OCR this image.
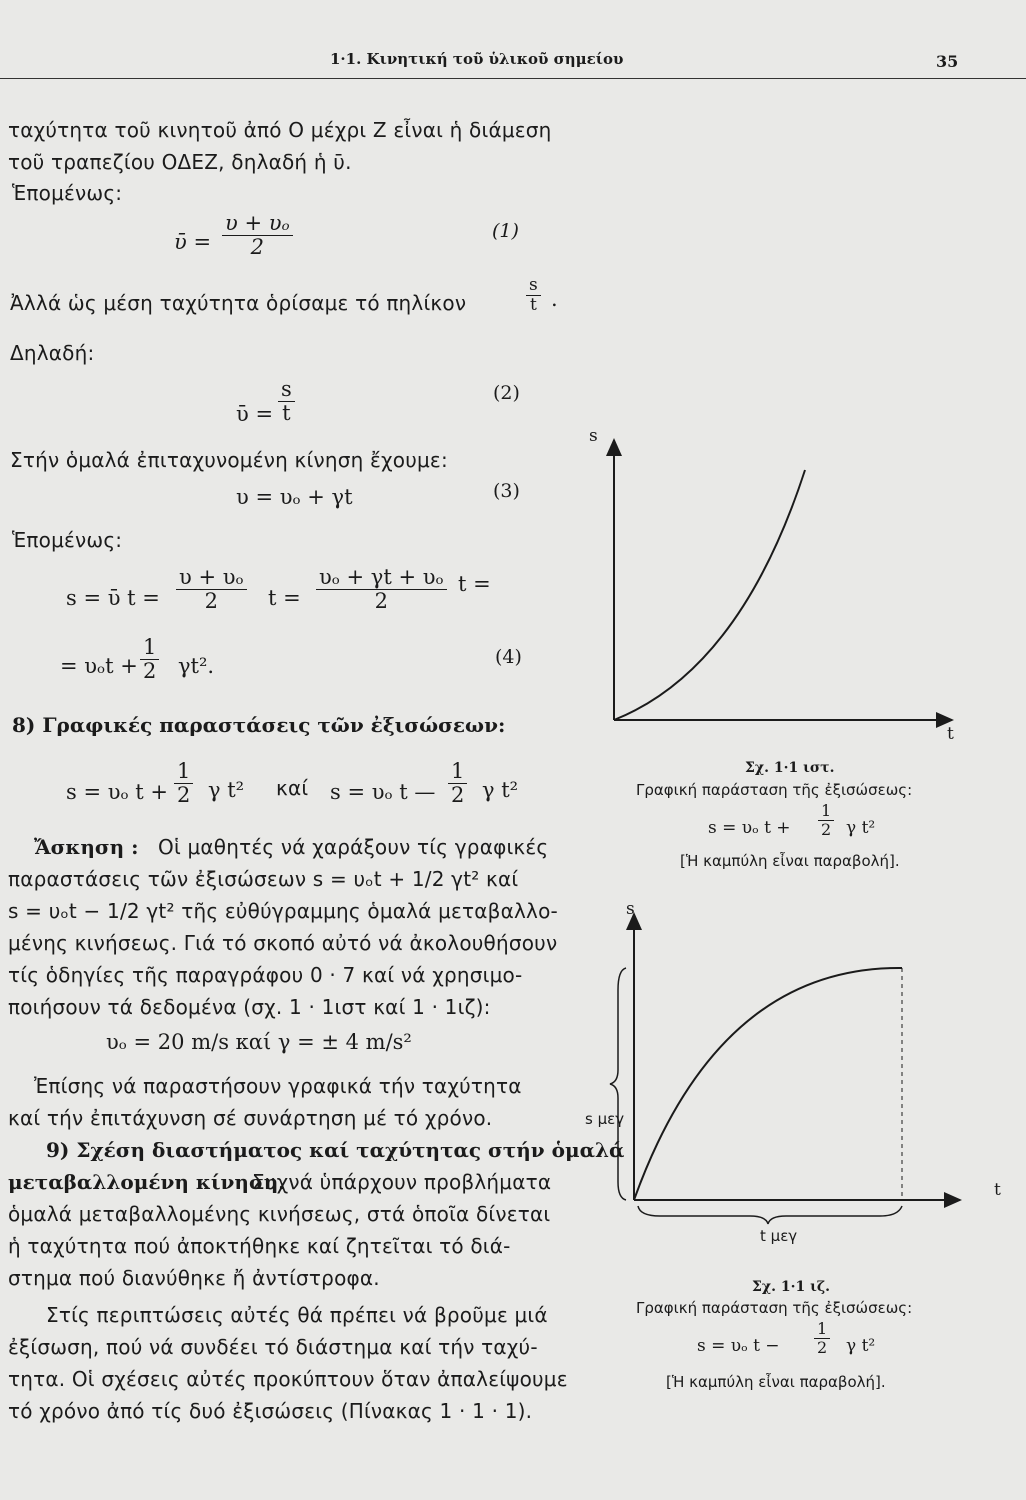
1·1. Κινητική τοῦ ὑλικοῦ σημείου	35
ταχύτητα τοῦ κινητοῦ ἀπό O μέχρι Z εἶναι ἡ διάμεση
τοῦ τραπεζίου ΟΔΕΖ, δηλαδή ἡ ῡ.
Ἑπομένως:
ῡ = $\frac{\text{υ + υₒ}}{2}$	(1)
Ἀλλά ὡς μέση ταχύτητα ὁρίσαμε τό πηλίκον	$\frac{s}{t}$ .
Δηλαδή:
ῡ = $\frac{s}{t}$	(2)
Στήν ὁμαλά ἐπιταχυνομένη κίνηση ἔχουμε:
υ = υₒ + γt	(3)
Ἑπομένως:
s = ῡ $t = \frac{\text{υ + υₒ}}{2}$ $t = \frac{\text{υₒ + γt + υₒ}}{2}$ t =
= $\upsilon_ot + \frac{1}{2} \gamma t^2$.	(4)
8) Γραφικές παραστάσεις τῶν ἐξισώσεων:
s = υₒ $t + \frac{1}{2}$ γ t² καί s = υₒ t — $\frac{1}{2}$ γ t²
Ἄσκηση : Οἱ μαθητές νά χαράξουν τίς γραφικές
παραστάσεις τῶν ἐξισώσεων s = υₒt + 1/2 γt² καί
s = υₒt − 1/2 γt² τῆς εὐθύγραμμης ὁμαλά μεταβαλλο-
μένης κινήσεως. Γιά τό σκοπό αὐτό νά ἀκολουθήσουν
τίς ὁδηγίες τῆς παραγράφου 0 · 7 καί νά χρησιμο-
ποιήσουν τά δεδομένα (σχ. 1 · 1ιστ καί 1 · 1ιζ):
υₒ = 20 m/s καί γ = ± 4 m/s²
Ἐπίσης νά παραστήσουν γραφικά τήν ταχύτητα
καί τήν ἐπιτάχυνση σέ συνάρτηση μέ τό χρόνο.
9) Σχέση διαστήματος καί ταχύτητας στήν ὁμαλά
μεταβαλλομένη κίνηση.
Συχνά ὑπάρχουν προβλήματα
ὁμαλά μεταβαλλομένης κινήσεως, στά ὁποῖα δίνεται
ἡ ταχύτητα πού ἀποκτήθηκε καί ζητεῖται τό διά-
στημα πού διανύθηκε ἤ ἀντίστροφα.
Στίς περιπτώσεις αὐτές θά πρέπει νά βροῦμε μιά
ἐξίσωση, πού νά συνδέει τό διάστημα καί τήν ταχύ-
τητα. Οἱ σχέσεις αὐτές προκύπτουν ὅταν ἀπαλείψουμε
τό χρόνο ἀπό τίς δυό ἐξισώσεις (Πίνακας 1 · 1 · 1).
s
t
Σχ. 1·1 ιστ.
Γραφική παράσταση τῆς ἐξισώσεως:
s = υₒ $t + \frac{1}{2}$ γ t²
[Ἡ καμπύλη εἶναι παραβολή].
s
t
s μεγ
t μεγ
Σχ. 1·1 ιζ.
Γραφική παράσταση τῆς ἐξισώσεως:
s = υₒ $t - \frac{1}{2}$ γ t²
[Ἡ καμπύλη εἶναι παραβολή].
